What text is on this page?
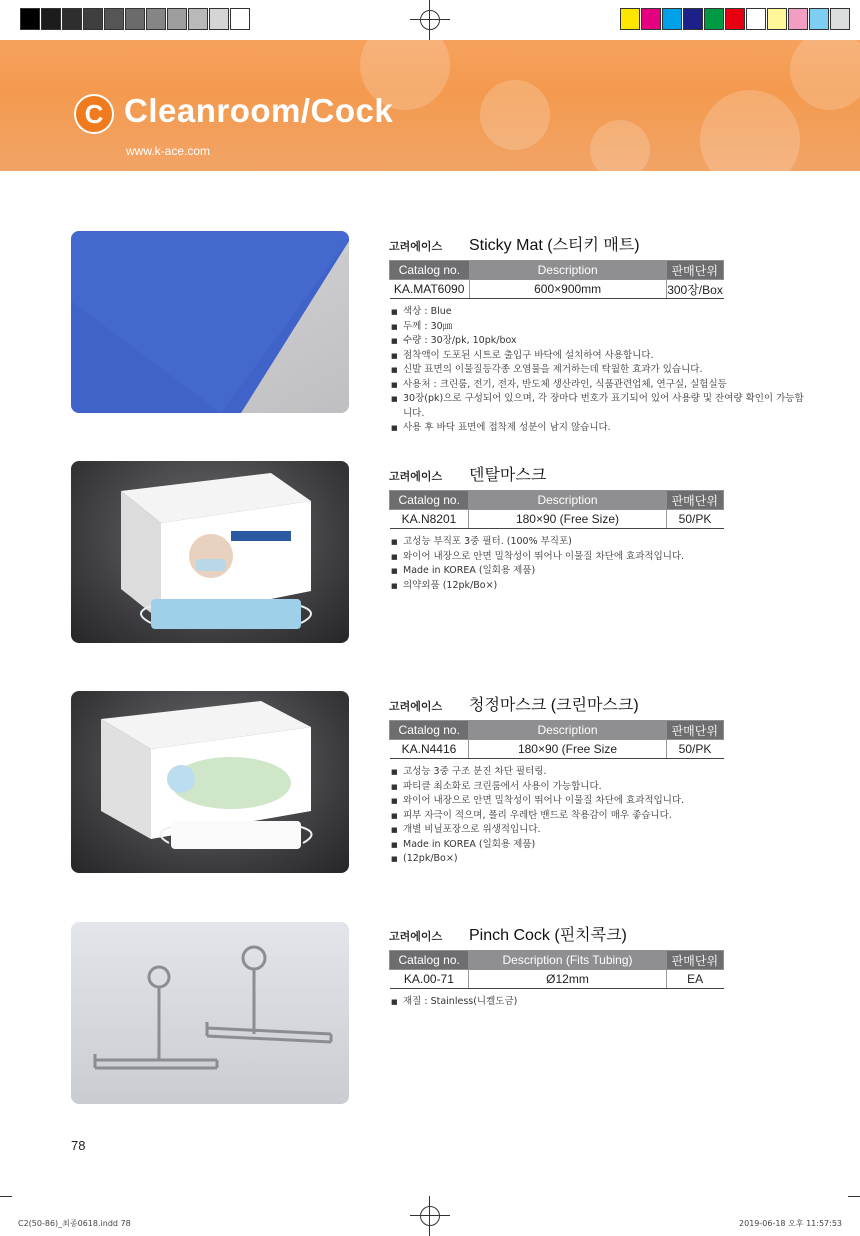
C Cleanroom/Cock
www.k-ace.com
고려에이스	Sticky Mat (스티키 매트)
Catalog no.	Description	판매단위
KA.MAT6090	600×900mm	300장/Box
■ 색상 : Blue
■ 두께 : 30㎛
■ 수량 : 30장/pk, 10pk/box
■ 점착액이 도포된 시트로 출입구 바닥에 설치하여 사용합니다.
■ 신발 표면의 이물질등각종 오염물을 제거하는데 탁월한 효과가 있습니다.
■ 사용처 : 크린룸, 전기, 전자, 반도체 생산라인, 식품관련업체, 연구실, 실험실등
■ 30장(pk)으로 구성되어 있으며, 각 장마다 번호가 표기되어 있어 사용량 및 잔여량 확인이 가능합니다.
■ 사용 후 바닥 표면에 접착제 성분이 남지 않습니다.
고려에이스	덴탈마스크
Catalog no.	Description	판매단위
KA.N8201	180×90 (Free Size)	50/PK
■ 고성능 부직포 3중 필터. (100% 부직포)
■ 와이어 내장으로 안면 밀착성이 뛰어나 이물질 차단에 효과적입니다.
■ Made in KOREA (일회용 제품)
■ 의약외품 (12pk/Bo×)
고려에이스	청정마스크 (크린마스크)
Catalog no.	Description	판매단위
KA.N4416	180×90 (Free Size	50/PK
■ 고성능 3중 구조 분진 차단 필터링.
■ 파티클 최소화로 크린룸에서 사용이 가능합니다.
■ 와이어 내장으로 안면 밀착성이 뛰어나 이물질 차단에 효과적입니다.
■ 피부 자극이 적으며, 폴리 우레탄 밴드로 착용감이 매우 좋습니다.
■ 개별 비닐포장으로 위생적입니다.
■ Made in KOREA (일회용 제품)
■ (12pk/Bo×)
고려에이스	Pinch Cock (핀치콕크)
Catalog no.	Description (Fits Tubing)	판매단위
KA.00-71	Ø12mm	EA
■ 재질 : Stainless(니켈도금)
78
C2(50-86)_최종0618.indd 78	2019-06-18 오후 11:57:53
